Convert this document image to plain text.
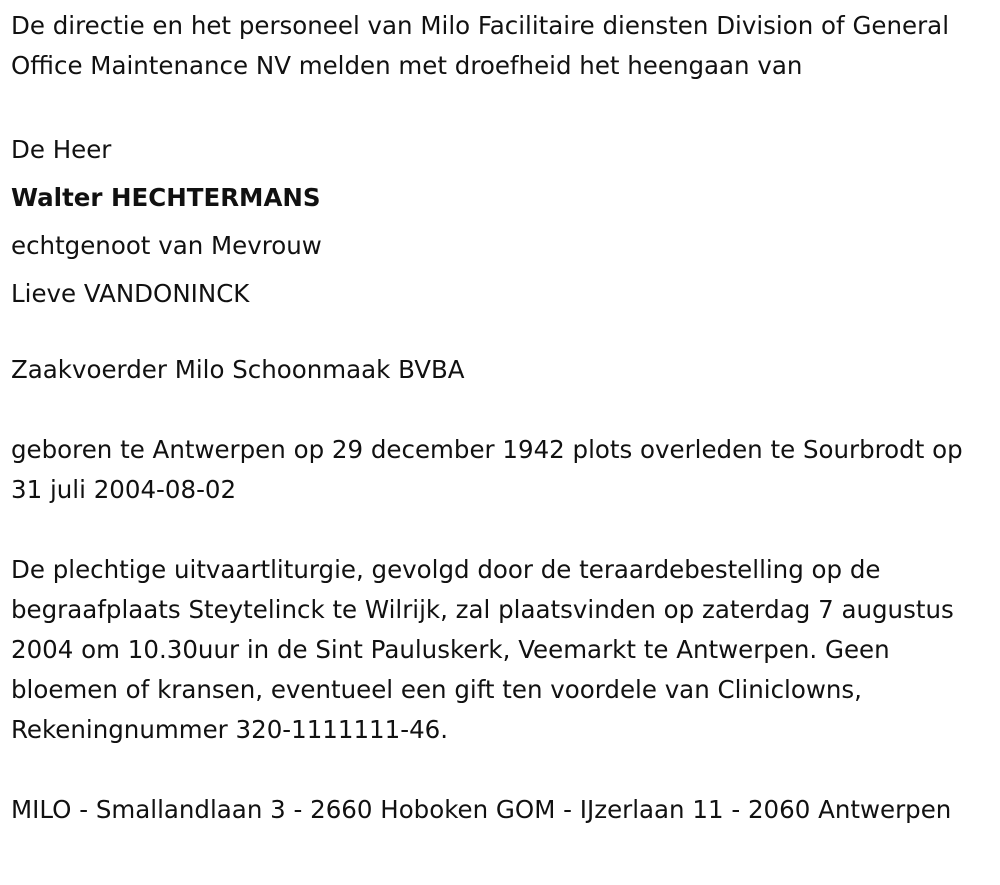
De directie en het personeel van Milo Facilitaire diensten Division of General Office Maintenance NV melden met droefheid het heengaan van

De Heer

Walter HECHTERMANS

echtgenoot van Mevrouw

Lieve VANDONINCK

Zaakvoerder Milo Schoonmaak BVBA

geboren te Antwerpen op 29 december 1942 plots overleden te Sourbrodt op 31 juli 2004-08-02

De plechtige uitvaartliturgie, gevolgd door de teraardebestelling op de begraafplaats Steytelinck te Wilrijk, zal plaatsvinden op zaterdag 7 augustus 2004 om 10.30uur in de Sint Pauluskerk, Veemarkt te Antwerpen. Geen bloemen of kransen, eventueel een gift ten voordele van Cliniclowns, Rekeningnummer 320-1111111-46.

MILO - Smallandlaan 3 - 2660 Hoboken GOM - IJzerlaan 11 - 2060 Antwerpen
